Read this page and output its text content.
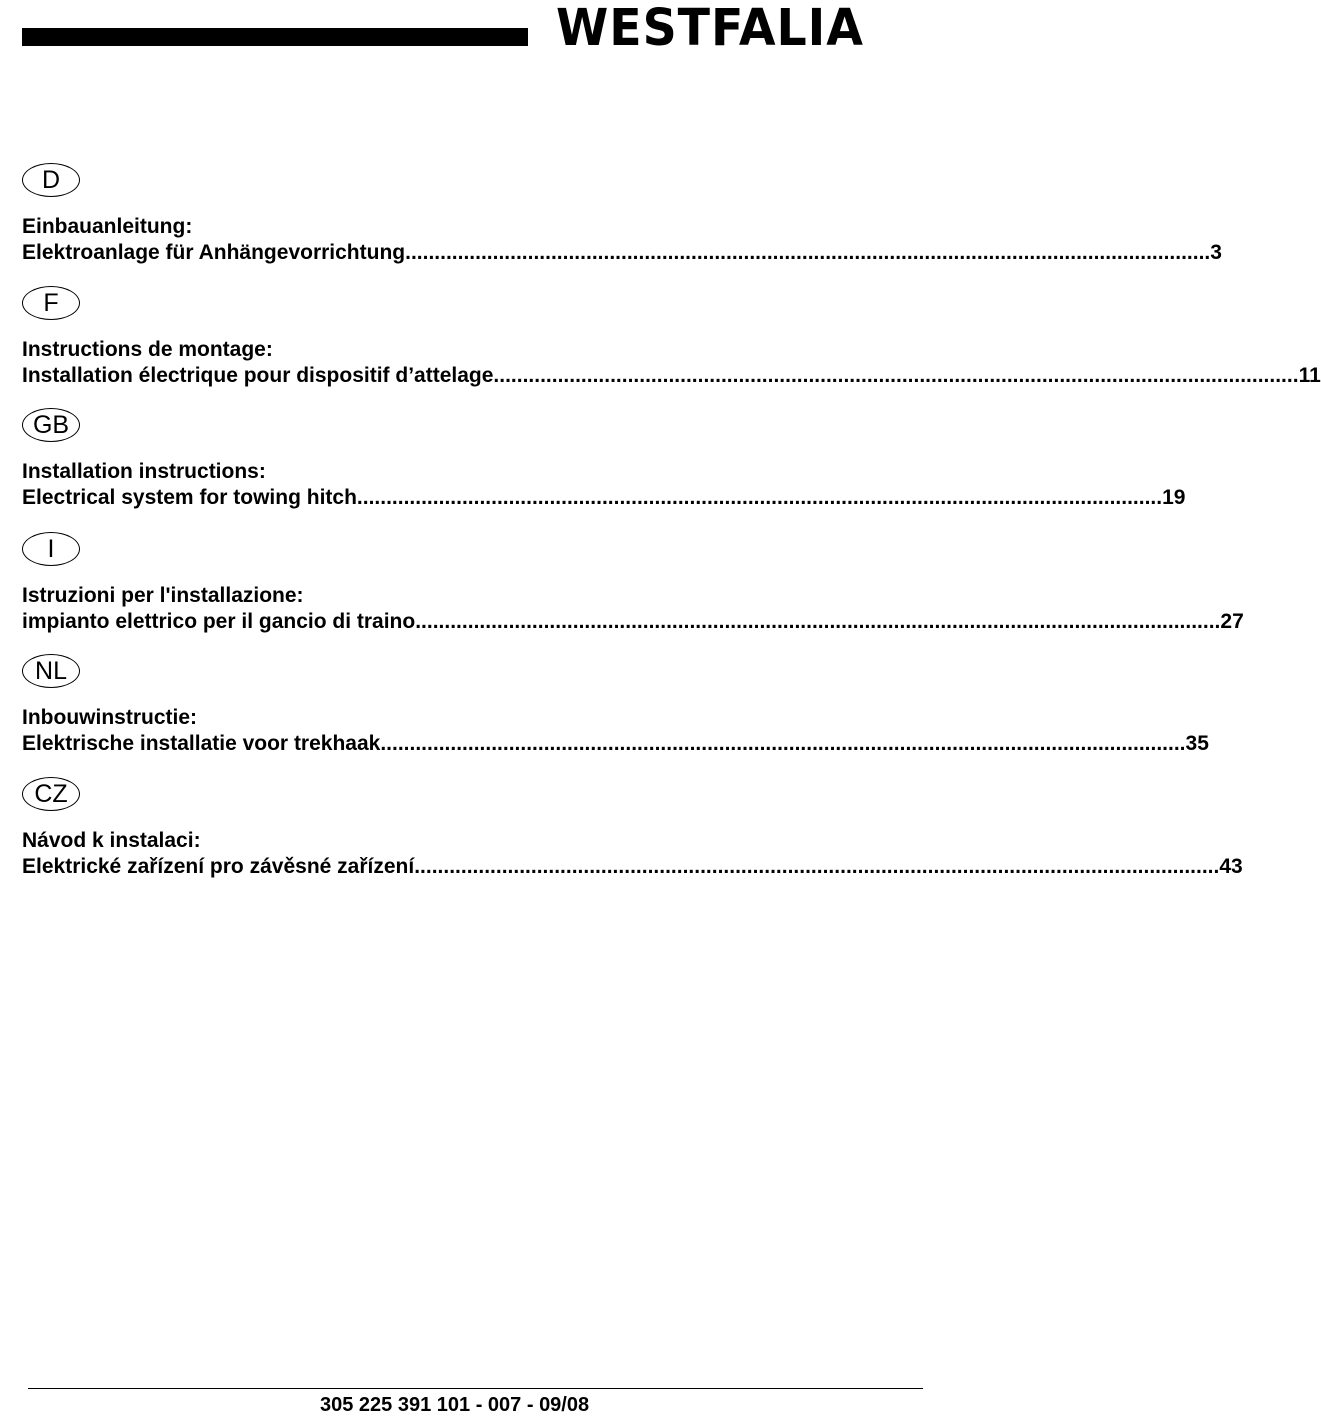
WESTFALIA
D
Einbauanleitung:
Elektroanlage für Anhängevorrichtung .......................................................................................................................................... 3
F
Instructions de montage:
Installation électrique pour dispositif d’attelage .......................................................................................................................................... 11
GB
Installation instructions:
Electrical system for towing hitch .......................................................................................................................................... 19
I
Istruzioni per l'installazione:
impianto elettrico per il gancio di traino .......................................................................................................................................... 27
NL
Inbouwinstructie:
Elektrische installatie voor trekhaak .......................................................................................................................................... 35
CZ
Návod k instalaci:
Elektrické zařízení pro závěsné zařízení .......................................................................................................................................... 43
305 225 391 101 - 007 - 09/08
